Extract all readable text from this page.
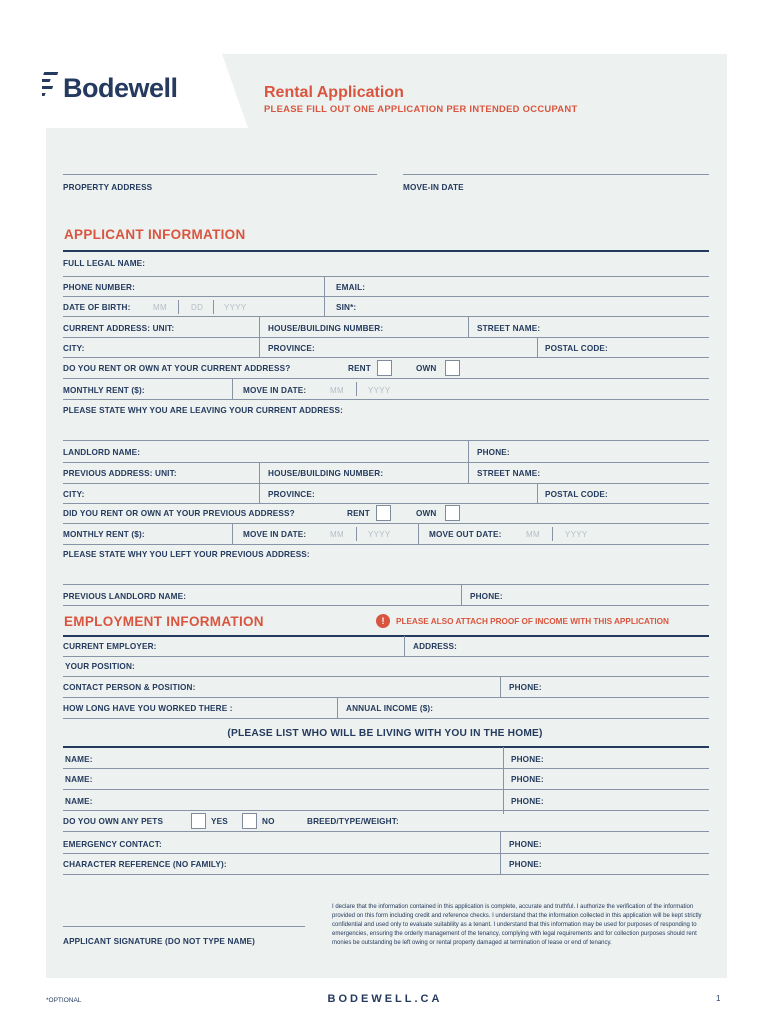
Bodewell	Rental Application
PLEASE FILL OUT ONE APPLICATION PER INTENDED OCCUPANT
PROPERTY ADDRESS	MOVE-IN DATE
APPLICANT INFORMATION
FULL LEGAL NAME:
PHONE NUMBER:	EMAIL:
DATE OF BIRTH:	MM	DD	YYYY	SIN*:
CURRENT ADDRESS: UNIT:	HOUSE/BUILDING NUMBER:	STREET NAME:
CITY:	PROVINCE:	POSTAL CODE:
DO YOU RENT OR OWN AT YOUR CURRENT ADDRESS?	RENT	OWN
MONTHLY RENT ($):	MOVE IN DATE:	MM	YYYY
PLEASE STATE WHY YOU ARE LEAVING YOUR CURRENT ADDRESS:
LANDLORD NAME:	PHONE:
PREVIOUS ADDRESS: UNIT:	HOUSE/BUILDING NUMBER:	STREET NAME:
CITY:	PROVINCE:	POSTAL CODE:
DID YOU RENT OR OWN AT YOUR PREVIOUS ADDRESS?	RENT	OWN
MONTHLY RENT ($):	MOVE IN DATE:	MM	YYYY	MOVE OUT DATE:	MM	YYYY
PLEASE STATE WHY YOU LEFT YOUR PREVIOUS ADDRESS:
PREVIOUS LANDLORD NAME:	PHONE:
EMPLOYMENT INFORMATION	!	PLEASE ALSO ATTACH PROOF OF INCOME WITH THIS APPLICATION
CURRENT EMPLOYER:	ADDRESS:
YOUR POSITION:
CONTACT PERSON & POSITION:	PHONE:
HOW LONG HAVE YOU WORKED THERE :	ANNUAL INCOME ($):
(PLEASE LIST WHO WILL BE LIVING WITH YOU IN THE HOME)
NAME:	PHONE:
NAME:	PHONE:
NAME:	PHONE:
DO YOU OWN ANY PETS	YES	NO	BREED/TYPE/WEIGHT:
EMERGENCY CONTACT:	PHONE:
CHARACTER REFERENCE (NO FAMILY):	PHONE:
APPLICANT SIGNATURE (DO NOT TYPE NAME)
I declare that the information contained in this application is complete, accurate and truthful. I authorize the verification of the information provided on this form including credit and reference checks. I understand that the information collected in this application will be kept strictly confidential and used only to evaluate suitability as a tenant. I understand that this information may be used for purposes of responding to emergencies, ensuring the orderly management of the tenancy, complying with legal requirements and for collection purposes should rent monies be outstanding be left owing or rental property damaged at termination of lease or end of tenancy.
*OPTIONAL	BODEWELL.CA	1
